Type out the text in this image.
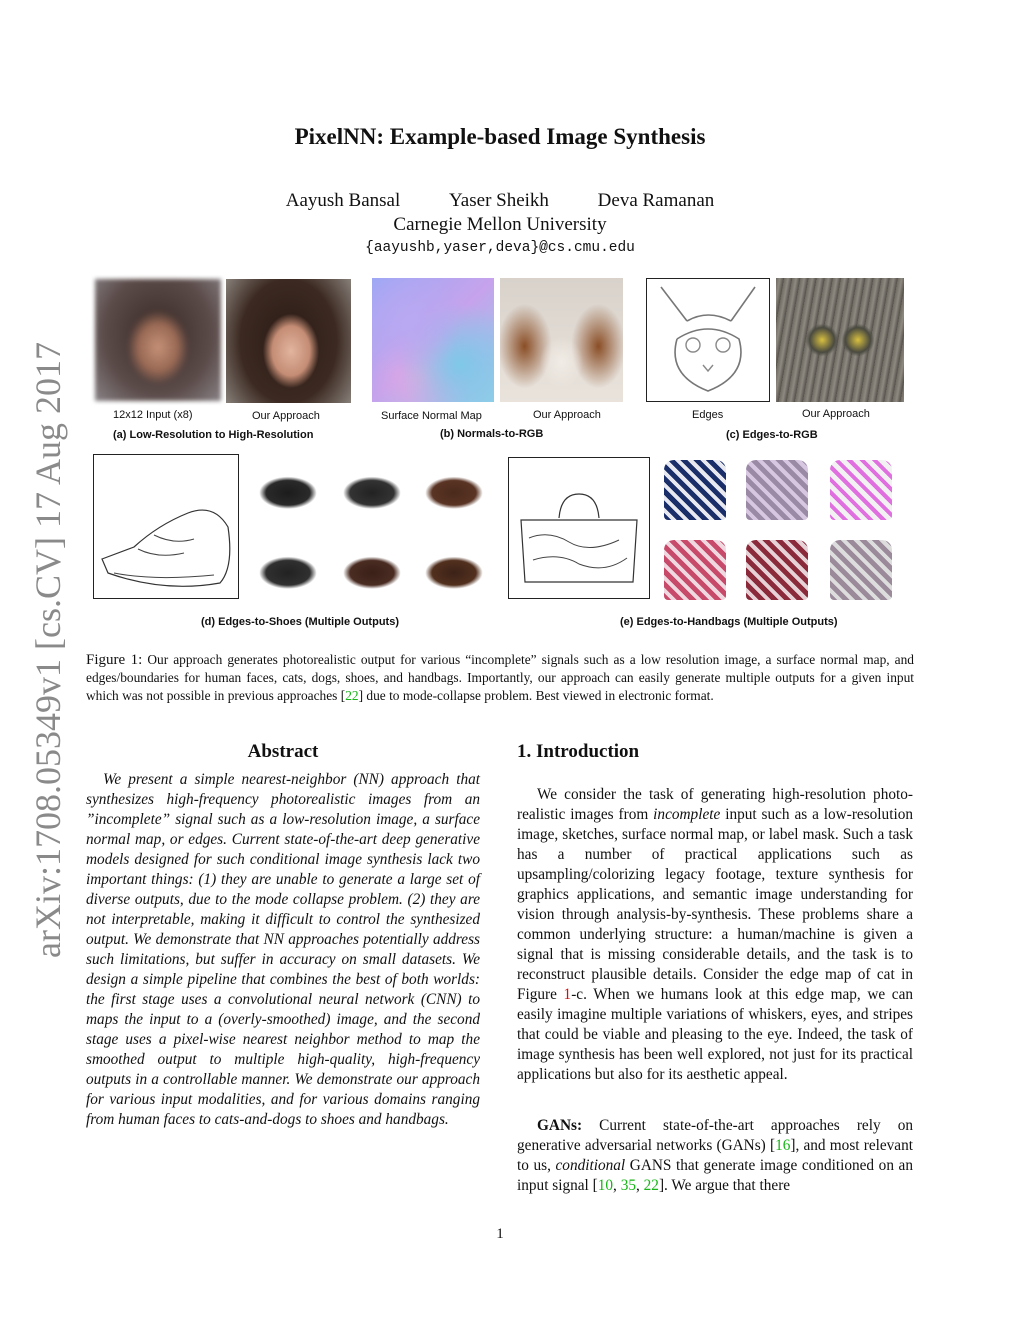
arXiv:1708.05349v1 [cs.CV] 17 Aug 2017
PixelNN: Example-based Image Synthesis
Aayush Bansal	Yaser Sheikh	Deva Ramanan
Carnegie Mellon University
{aayushb,yaser,deva}@cs.cmu.edu
12x12 Input (x8)	Our Approach
(a) Low-Resolution to High-Resolution
Surface Normal Map	Our Approach
(b) Normals-to-RGB
Edges	Our Approach
(c) Edges-to-RGB
(d) Edges-to-Shoes (Multiple Outputs)	(e) Edges-to-Handbags (Multiple Outputs)
Figure 1: Our approach generates photorealistic output for various “incomplete” signals such as a low resolution image, a surface normal map, and edges/boundaries for human faces, cats, dogs, shoes, and handbags. Importantly, our approach can easily generate multiple outputs for a given input which was not possible in previous approaches [22] due to mode-collapse problem. Best viewed in electronic format.
Abstract
We present a simple nearest-neighbor (NN) approach that synthesizes high-frequency photorealistic images from an ”incomplete” signal such as a low-resolution image, a surface normal map, or edges. Current state-of-the-art deep generative models designed for such conditional image synthesis lack two important things: (1) they are unable to generate a large set of diverse outputs, due to the mode collapse problem. (2) they are not interpretable, making it difficult to control the synthesized output. We demonstrate that NN approaches potentially address such limitations, but suffer in accuracy on small datasets. We design a simple pipeline that combines the best of both worlds: the first stage uses a convolutional neural network (CNN) to maps the input to a (overly-smoothed) image, and the second stage uses a pixel-wise nearest neighbor method to map the smoothed output to multiple high-quality, high-frequency outputs in a controllable manner. We demonstrate our approach for various input modalities, and for various domains ranging from human faces to cats-and-dogs to shoes and handbags.
1. Introduction

We consider the task of generating high-resolution photo-realistic images from incomplete input such as a low-resolution image, sketches, surface normal map, or label mask. Such a task has a number of practical applications such as upsampling/colorizing legacy footage, texture synthesis for graphics applications, and semantic image understanding for vision through analysis-by-synthesis. These problems share a common underlying structure: a human/machine is given a signal that is missing considerable details, and the task is to reconstruct plausible details. Consider the edge map of cat in Figure 1-c. When we humans look at this edge map, we can easily imagine multiple variations of whiskers, eyes, and stripes that could be viable and pleasing to the eye. Indeed, the task of image synthesis has been well explored, not just for its practical applications but also for its aesthetic appeal.

GANs: Current state-of-the-art approaches rely on generative adversarial networks (GANs) [16], and most relevant to us, conditional GANS that generate image conditioned on an input signal [10, 35, 22]. We argue that there

1
